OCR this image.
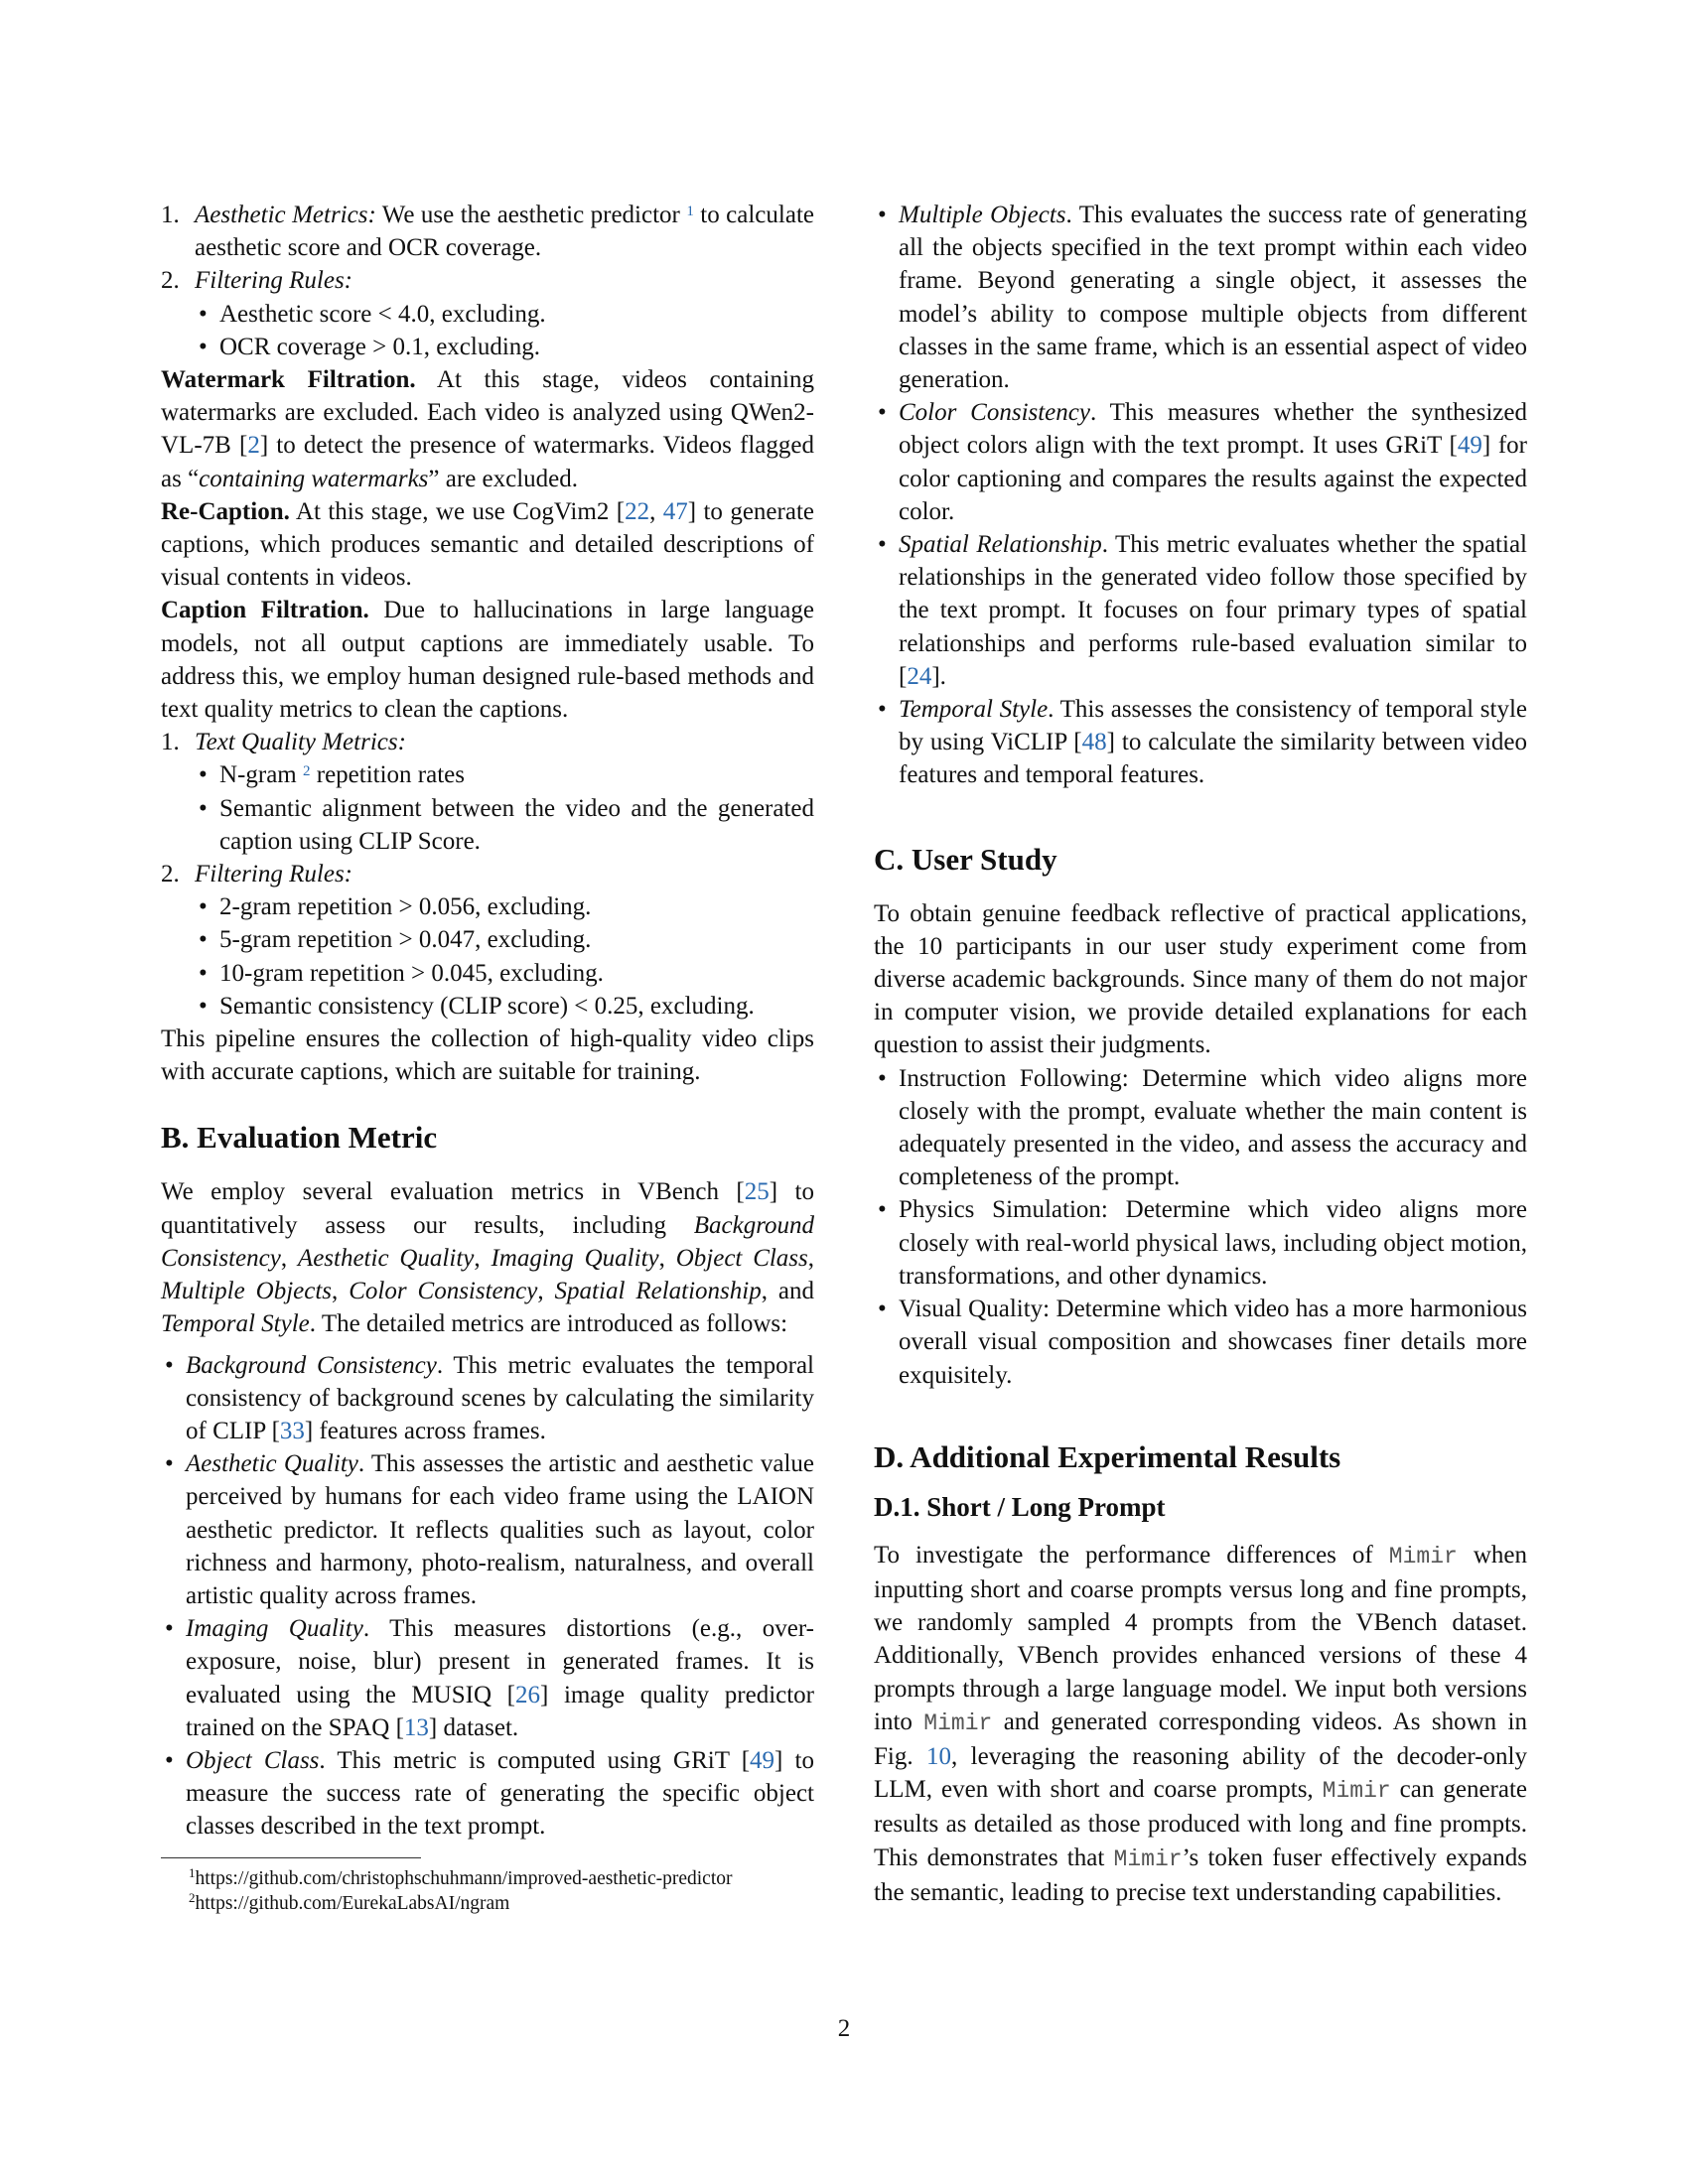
1. Aesthetic Metrics: We use the aesthetic predictor $^1$ to calculate aesthetic score and OCR coverage.
2. Filtering Rules:
• Aesthetic score < 4.0, excluding.
• OCR coverage > 0.1, excluding.

Watermark Filtration. At this stage, videos containing watermarks are excluded. Each video is analyzed using QWen2-VL-7B [2] to detect the presence of watermarks. Videos flagged as “containing watermarks” are excluded.

Re-Caption. At this stage, we use CogVim2 [22, 47] to generate captions, which produces semantic and detailed descriptions of visual contents in videos.

Caption Filtration. Due to hallucinations in large language models, not all output captions are immediately usable. To address this, we employ human designed rule-based methods and text quality metrics to clean the captions.

1. Text Quality Metrics:
• N-gram $^2$ repetition rates
• Semantic alignment between the video and the generated caption using CLIP Score.
2. Filtering Rules:
• 2-gram repetition > 0.056, excluding.
• 5-gram repetition > 0.047, excluding.
• 10-gram repetition > 0.045, excluding.
• Semantic consistency (CLIP score) < 0.25, excluding.

This pipeline ensures the collection of high-quality video clips with accurate captions, which are suitable for training.

B. Evaluation Metric

We employ several evaluation metrics in VBench [25] to quantitatively assess our results, including Background Consistency, Aesthetic Quality, Imaging Quality, Object Class, Multiple Objects, Color Consistency, Spatial Relationship, and Temporal Style. The detailed metrics are introduced as follows:

• Background Consistency. This metric evaluates the temporal consistency of background scenes by calculating the similarity of CLIP [33] features across frames.
• Aesthetic Quality. This assesses the artistic and aesthetic value perceived by humans for each video frame using the LAION aesthetic predictor. It reflects qualities such as layout, color richness and harmony, photo-realism, naturalness, and overall artistic quality across frames.
• Imaging Quality. This measures distortions (e.g., over-exposure, noise, blur) present in generated frames. It is evaluated using the MUSIQ [26] image quality predictor trained on the SPAQ [13] dataset.
• Object Class. This metric is computed using GRiT [49] to measure the success rate of generating the specific object classes described in the text prompt.
$^1$https://github.com/christophschuhmann/improved-aesthetic-predictor
$^2$https://github.com/EurekaLabsAI/ngram
• Multiple Objects. This evaluates the success rate of generating all the objects specified in the text prompt within each video frame. Beyond generating a single object, it assesses the model’s ability to compose multiple objects from different classes in the same frame, which is an essential aspect of video generation.
• Color Consistency. This measures whether the synthesized object colors align with the text prompt. It uses GRiT [49] for color captioning and compares the results against the expected color.
• Spatial Relationship. This metric evaluates whether the spatial relationships in the generated video follow those specified by the text prompt. It focuses on four primary types of spatial relationships and performs rule-based evaluation similar to [24].
• Temporal Style. This assesses the consistency of temporal style by using ViCLIP [48] to calculate the similarity between video features and temporal features.
C. User Study

To obtain genuine feedback reflective of practical applications, the 10 participants in our user study experiment come from diverse academic backgrounds. Since many of them do not major in computer vision, we provide detailed explanations for each question to assist their judgments.

• Instruction Following: Determine which video aligns more closely with the prompt, evaluate whether the main content is adequately presented in the video, and assess the accuracy and completeness of the prompt.
• Physics Simulation: Determine which video aligns more closely with real-world physical laws, including object motion, transformations, and other dynamics.
• Visual Quality: Determine which video has a more harmonious overall visual composition and showcases finer details more exquisitely.
D. Additional Experimental Results
D.1. Short / Long Prompt

To investigate the performance differences of Mimir when inputting short and coarse prompts versus long and fine prompts, we randomly sampled 4 prompts from the VBench dataset. Additionally, VBench provides enhanced versions of these 4 prompts through a large language model. We input both versions into Mimir and generated corresponding videos. As shown in Fig. 10, leveraging the reasoning ability of the decoder-only LLM, even with short and coarse prompts, Mimir can generate results as detailed as those produced with long and fine prompts. This demonstrates that Mimir’s token fuser effectively expands the semantic, leading to precise text understanding capabilities.

2
